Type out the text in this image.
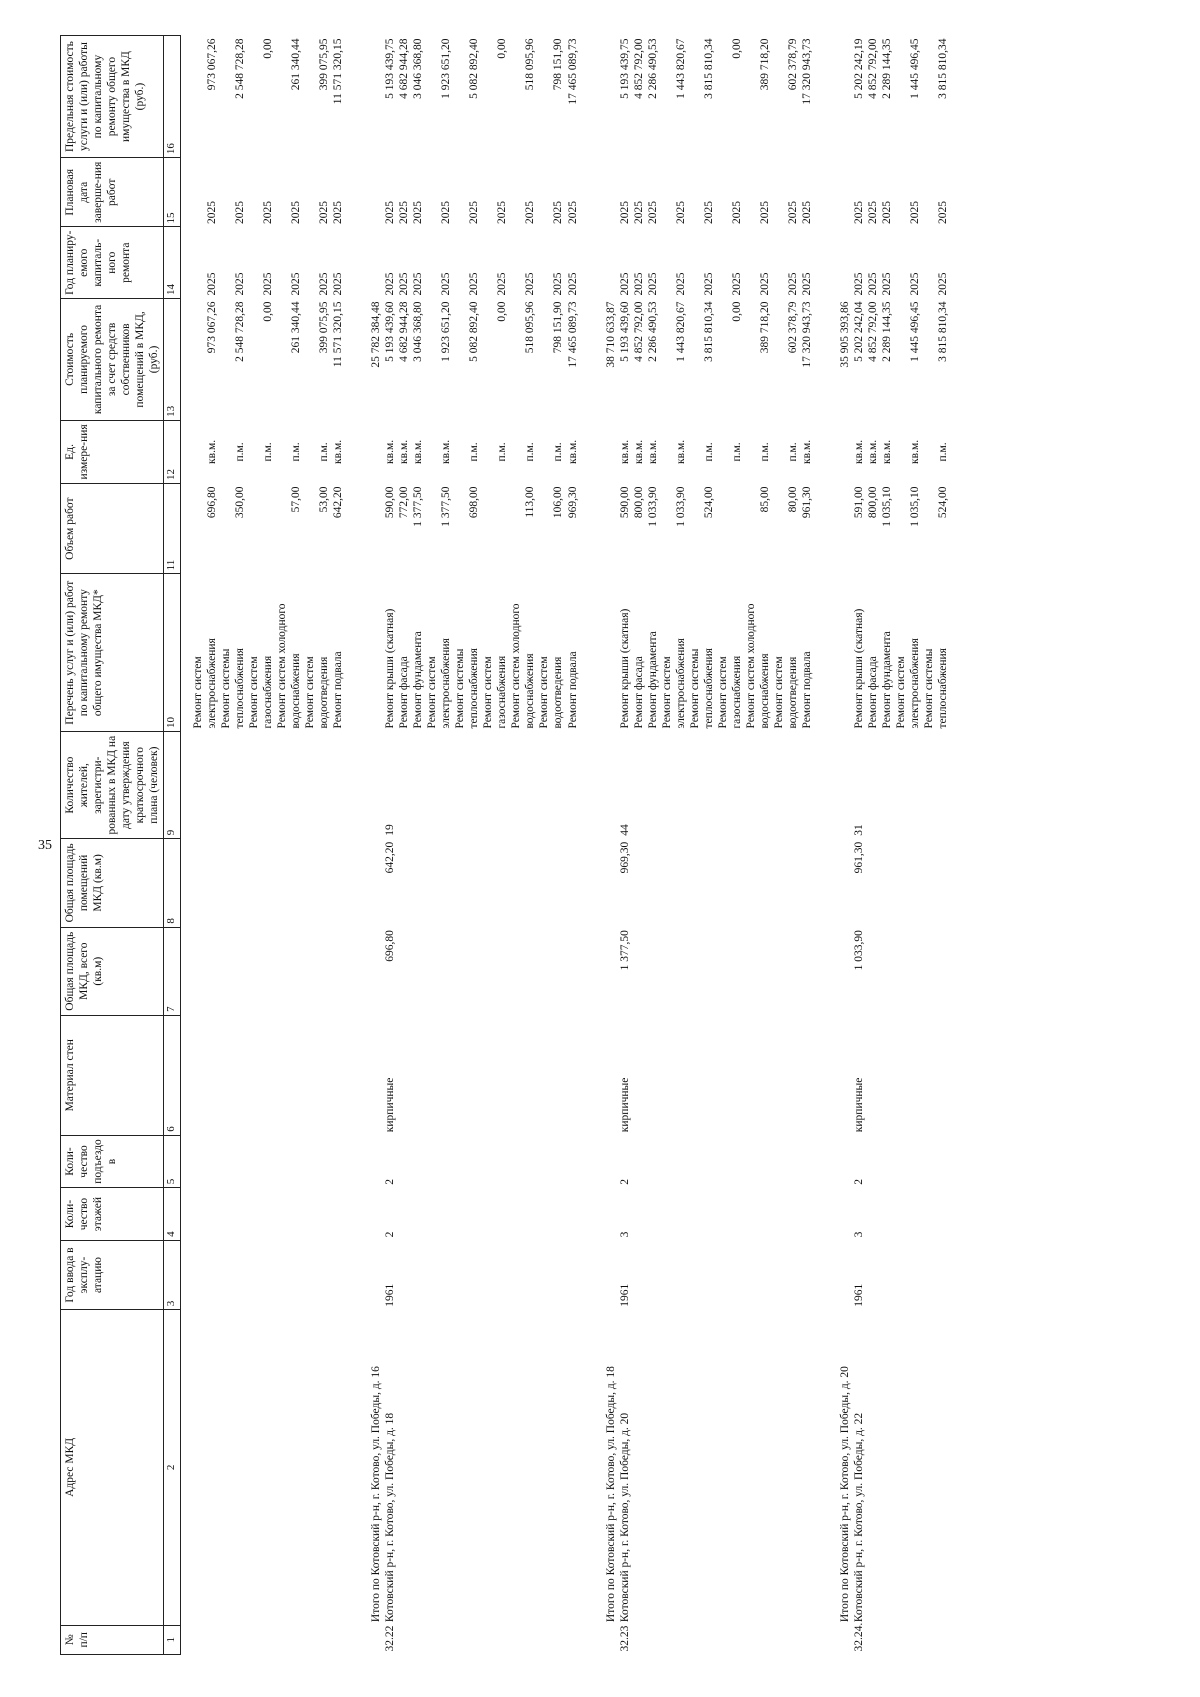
35
№ п/п	Адрес МКД	Год ввода в эксплу-атацию	Коли-чество этажей	Коли-чество подъездо в	Материал стен	Общая площадь МКД, всего (кв.м)	Общая площадь помещений МКД (кв.м)	Количество жителей, зарегистри-рованных в МКД на дату утверждения краткосрочного плана (человек)	Перечень услуг и (или) работ по капитальному ремонту общего имущества МКД*	Объем работ	Ед. измере-ния	Стоимость планируемого капитального ремонта за счет средств собственников помещений в МКД, (руб.)	Год планиру-емого капиталь-ного ремонта	Плановая дата заверше-ния работ	Предельная стоимость услуги и (или) работы по капитальному ремонту общего имущества в МКД (руб.)
1	2	3	4	5	6	7	8	9	10	11	12	13	14	15	16
									Ремонт систем						
									электроснабжения	696,80	кв.м.	973 067,26	2025	2025	973 067,26
									Ремонт системы						
									теплоснабжения	350,00	п.м.	2 548 728,28	2025	2025	2 548 728,28
									Ремонт систем						
									газоснабжения		п.м.	0,00	2025	2025	0,00
									Ремонт систем холодного						
									водоснабжения	57,00	п.м.	261 340,44	2025	2025	261 340,44
									Ремонт систем						
									водоотведения	53,00	п.м.	399 075,95	2025	2025	399 075,95
									Ремонт подвала	642,20	кв.м.	11 571 320,15	2025	2025	11 571 320,15

	Итого по Котовский р-н, г. Котово, ул. Победы, д. 16											25 782 384,48			
32.22	Котовский р-н, г. Котово, ул. Победы, д. 18	1961	2	2	кирпичные	696,80	642,20	19	Ремонт крыши (скатная)	590,00	кв.м.	5 193 439,60	2025	2025	5 193 439,75
									Ремонт фасада	772,00	кв.м.	4 682 944,28	2025	2025	4 682 944,28
									Ремонт фундамента	1 377,50	кв.м.	3 046 368,80	2025	2025	3 046 368,80
									Ремонт систем						
									электроснабжения	1 377,50	кв.м.	1 923 651,20	2025	2025	1 923 651,20
									Ремонт системы						
									теплоснабжения	698,00	п.м.	5 082 892,40	2025	2025	5 082 892,40
									Ремонт систем						
									газоснабжения		п.м.	0,00	2025	2025	0,00
									Ремонт систем холодного						
									водоснабжения	113,00	п.м.	518 095,96	2025	2025	518 095,96
									Ремонт систем						
									водоотведения	106,00	п.м.	798 151,90	2025	2025	798 151,90
									Ремонт подвала	969,30	кв.м.	17 465 089,73	2025	2025	17 465 089,73

	Итого по Котовский р-н, г. Котово, ул. Победы, д. 18											38 710 633,87			
32.23	Котовский р-н, г. Котово, ул. Победы, д. 20	1961	3	2	кирпичные	1 377,50	969,30	44	Ремонт крыши (скатная)	590,00	кв.м.	5 193 439,60	2025	2025	5 193 439,75
									Ремонт фасада	800,00	кв.м.	4 852 792,00	2025	2025	4 852 792,00
									Ремонт фундамента	1 033,90	кв.м.	2 286 490,53	2025	2025	2 286 490,53
									Ремонт систем						
									электроснабжения	1 033,90	кв.м.	1 443 820,67	2025	2025	1 443 820,67
									Ремонт системы						
									теплоснабжения	524,00	п.м.	3 815 810,34	2025	2025	3 815 810,34
									Ремонт систем						
									газоснабжения		п.м.	0,00	2025	2025	0,00
									Ремонт систем холодного						
									водоснабжения	85,00	п.м.	389 718,20	2025	2025	389 718,20
									Ремонт систем						
									водоотведения	80,00	п.м.	602 378,79	2025	2025	602 378,79
									Ремонт подвала	961,30	кв.м.	17 320 943,73	2025	2025	17 320 943,73

	Итого по Котовский р-н, г. Котово, ул. Победы, д. 20											35 905 393,86			
32.24.	Котовский р-н, г. Котово, ул. Победы, д. 22	1961	3	2	кирпичные	1 033,90	961,30	31	Ремонт крыши (скатная)	591,00	кв.м.	5 202 242,04	2025	2025	5 202 242,19
									Ремонт фасада	800,00	кв.м.	4 852 792,00	2025	2025	4 852 792,00
									Ремонт фундамента	1 035,10	кв.м.	2 289 144,35	2025	2025	2 289 144,35
									Ремонт систем						
									электроснабжения	1 035,10	кв.м.	1 445 496,45	2025	2025	1 445 496,45
									Ремонт системы						
									теплоснабжения	524,00	п.м.	3 815 810,34	2025	2025	3 815 810,34
